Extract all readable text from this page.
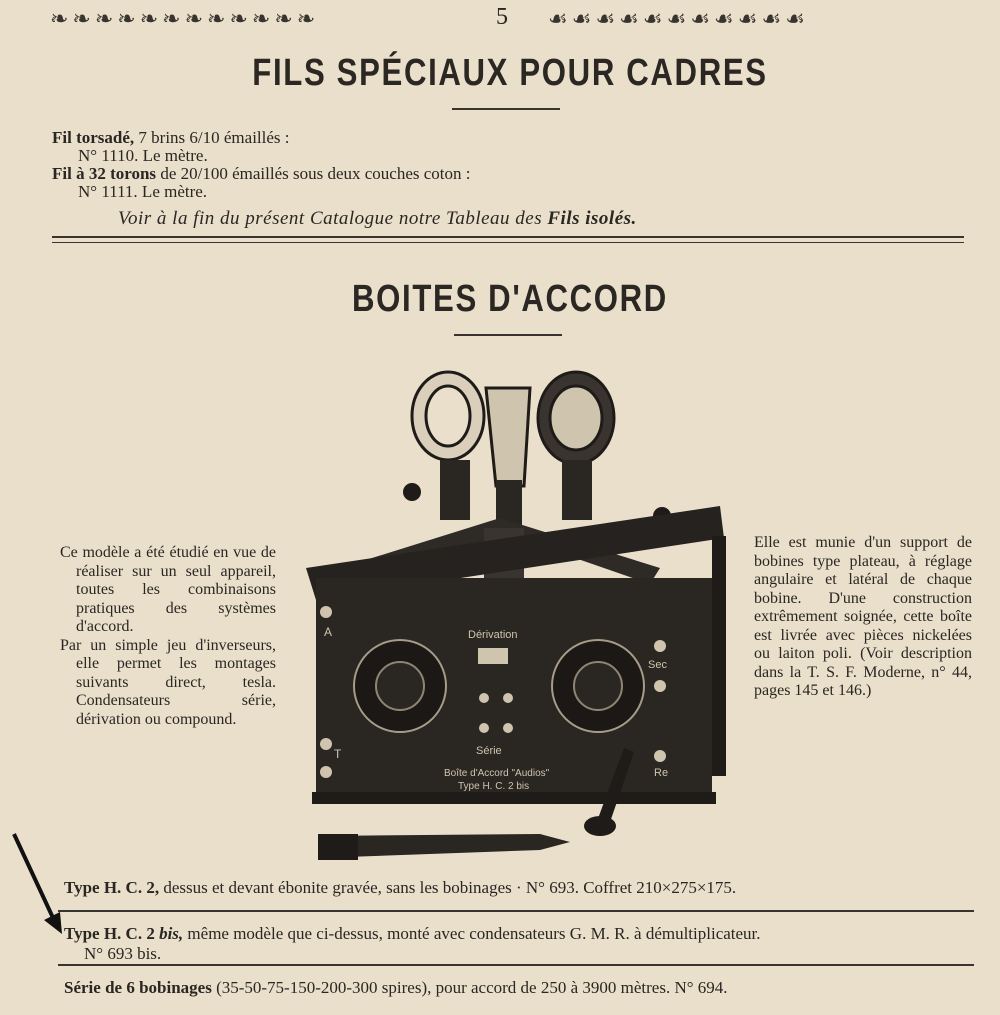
❧❧❧❧❧❧❧❧❧❧❧❧	5 ☙☙☙☙☙☙☙☙☙☙☙
FILS SPÉCIAUX POUR CADRES
Fil torsadé, 7 brins 6/10 émaillés :
N° 1110. Le mètre.
Fil à 32 torons de 20/100 émaillés sous deux couches coton :
N° 1111. Le mètre.
Voir à la fin du présent Catalogue notre Tableau des Fils isolés.
BOITES D'ACCORD

Ce modèle a été étudié en vue de réaliser sur un seul appareil, toutes les combinaisons pratiques des systèmes d'accord.

Par un simple jeu d'inverseurs, elle permet les montages suivants direct, tesla. Condensateurs série, dérivation ou compound.

Elle est munie d'un support de bobines type plateau, à réglage angulaire et latéral de chaque bobine. D'une construction extrêmement soignée, cette boîte est livrée avec pièces nickelées ou laiton poli. (Voir description dans la T. S. F. Moderne, n° 44, pages 145 et 146.)

Dérivation
Série
Sec
A
T
Re
Boîte d'Accord "Audios"
Type H. C. 2 bis
Type H. C. 2, dessus et devant ébonite gravée, sans les bobinages · N° 693. Coffret 210×275×175.
Type H. C. 2 bis, même modèle que ci-dessus, monté avec condensateurs G. M. R. à démultiplicateur.
N° 693 bis.
Série de 6 bobinages (35-50-75-150-200-300 spires), pour accord de 250 à 3900 mètres. N° 694.
